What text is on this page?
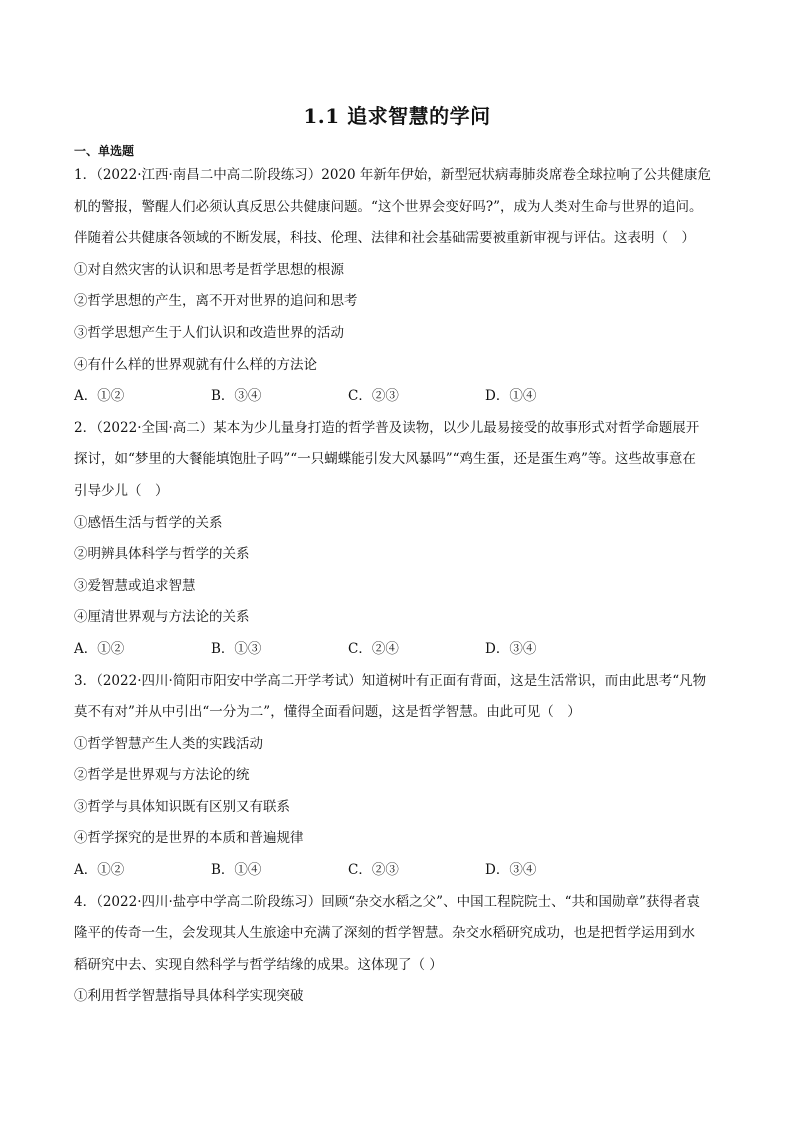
1.1 追求智慧的学问
一、单选题
1．（2022·江西·南昌二中高二阶段练习）2020 年新年伊始，新型冠状病毒肺炎席卷全球拉响了公共健康危
机的警报，警醒人们必须认真反思公共健康问题。“这个世界会变好吗?”，成为人类对生命与世界的追问。
伴随着公共健康各领域的不断发展，科技、伦理、法律和社会基础需要被重新审视与评估。这表明（　）
①对自然灾害的认识和思考是哲学思想的根源
②哲学思想的产生，离不开对世界的追问和思考
③哲学思想产生于人们认识和改造世界的活动
④有什么样的世界观就有什么样的方法论
A．①②	B．③④	C．②③	D．①④
2．（2022·全国·高二）某本为少儿量身打造的哲学普及读物，以少儿最易接受的故事形式对哲学命题展开
探讨，如“梦里的大餐能填饱肚子吗”“一只蝴蝶能引发大风暴吗”“鸡生蛋，还是蛋生鸡”等。这些故事意在
引导少儿（　）
①感悟生活与哲学的关系
②明辨具体科学与哲学的关系
③爱智慧或追求智慧
④厘清世界观与方法论的关系
A．①②	B．①③	C．②④	D．③④
3．（2022·四川·简阳市阳安中学高二开学考试）知道树叶有正面有背面，这是生活常识，而由此思考“凡物
莫不有对”并从中引出“一分为二”，懂得全面看问题，这是哲学智慧。由此可见（　）
①哲学智慧产生人类的实践活动
②哲学是世界观与方法论的统
③哲学与具体知识既有区别又有联系
④哲学探究的是世界的本质和普遍规律
A．①②	B．①④	C．②③	D．③④
4．（2022·四川·盐亭中学高二阶段练习）回顾“杂交水稻之父”、中国工程院院士、“共和国勋章”获得者袁
隆平的传奇一生，会发现其人生旅途中充满了深刻的哲学智慧。杂交水稻研究成功，也是把哲学运用到水
稻研究中去、实现自然科学与哲学结缘的成果。这体现了（ ）
①利用哲学智慧指导具体科学实现突破
